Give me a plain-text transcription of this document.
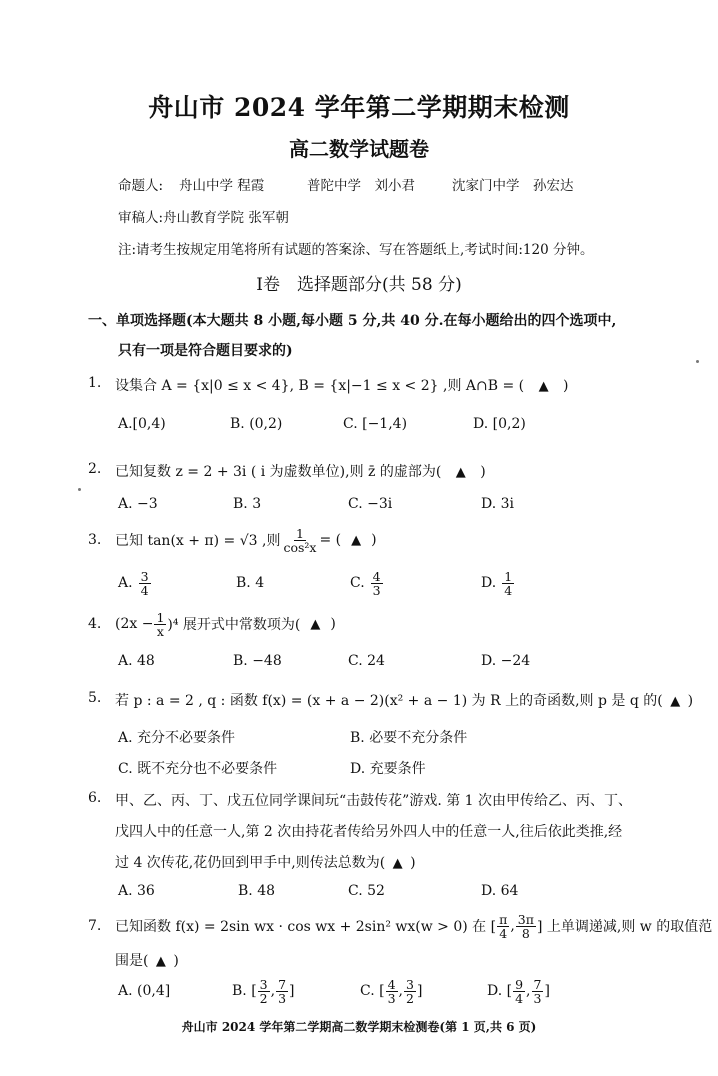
舟山市 2024 学年第二学期期末检测
高二数学试题卷
命题人: 舟山中学 程霞	普陀中学　刘小君	沈家门中学　孙宏达
审稿人:舟山教育学院 张军朝
注:请考生按规定用笔将所有试题的答案涂、写在答题纸上,考试时间:120 分钟。
Ⅰ卷　选择题部分(共 58 分)
一、单项选择题(本大题共 8 小题,每小题 5 分,共 40 分.在每小题给出的四个选项中,
只有一项是符合题目要求的)
1. 设集合 A = {x|0 ≤ x < 4}, B = {x|−1 ≤ x < 2} ,则 A∩B = ( ▲ )
A.[0,4)	B. (0,2)	C. [−1,4)	D. [0,2)
2. 已知复数 z = 2 + 3i ( i 为虚数单位),则 z̄ 的虚部为( ▲ )
A. −3	B. 3	C. −3i	D. 3i
3. 已知 tan(x + π) = √3 ,则 $\frac{1}{\text{cos²x}}$ = ( ▲ )
A. $\frac{3}{4}$	B. 4	C. $\frac{4}{3}$	D. $\frac{1}{4}$
4. $(2x - \frac{1}{x} )^4$ 展开式中常数项为( ▲ )
A. 48	B. −48	C. 24	D. −24
5. 若 p : a = 2 , q : 函数 f(x) = (x + a − 2)(x² + a − 1) 为 R 上的奇函数,则 p 是 q 的( ▲ )
A. 充分不必要条件	B. 必要不充分条件
C. 既不充分也不必要条件	D. 充要条件
6. 甲、乙、丙、丁、戊五位同学课间玩“击鼓传花”游戏. 第 1 次由甲传给乙、丙、丁、
戊四人中的任意一人,第 2 次由持花者传给另外四人中的任意一人,往后依此类推,经
过 4 次传花,花仍回到甲手中,则传法总数为( ▲ )
A. 36	B. 48	C. 52	D. 64
7. 已知函数 f(x) = 2sin wx · cos wx + 2sin² wx(w > 0) 在 [ $\frac{\pi}{4}$ , $\frac{3\pi}{8}$ ] 上单调递减,则 w 的取值范
围是( ▲ )
A. (0,4]	B. [ $\frac{3}{2}$ , $\frac{7}{3}$ ]	C. [ $\frac{4}{3}$ , $\frac{3}{2}$ ]	D. [ $\frac{9}{4}$ , $\frac{7}{3}$ ]
舟山市 2024 学年第二学期高二数学期末检测卷(第 1 页,共 6 页)
